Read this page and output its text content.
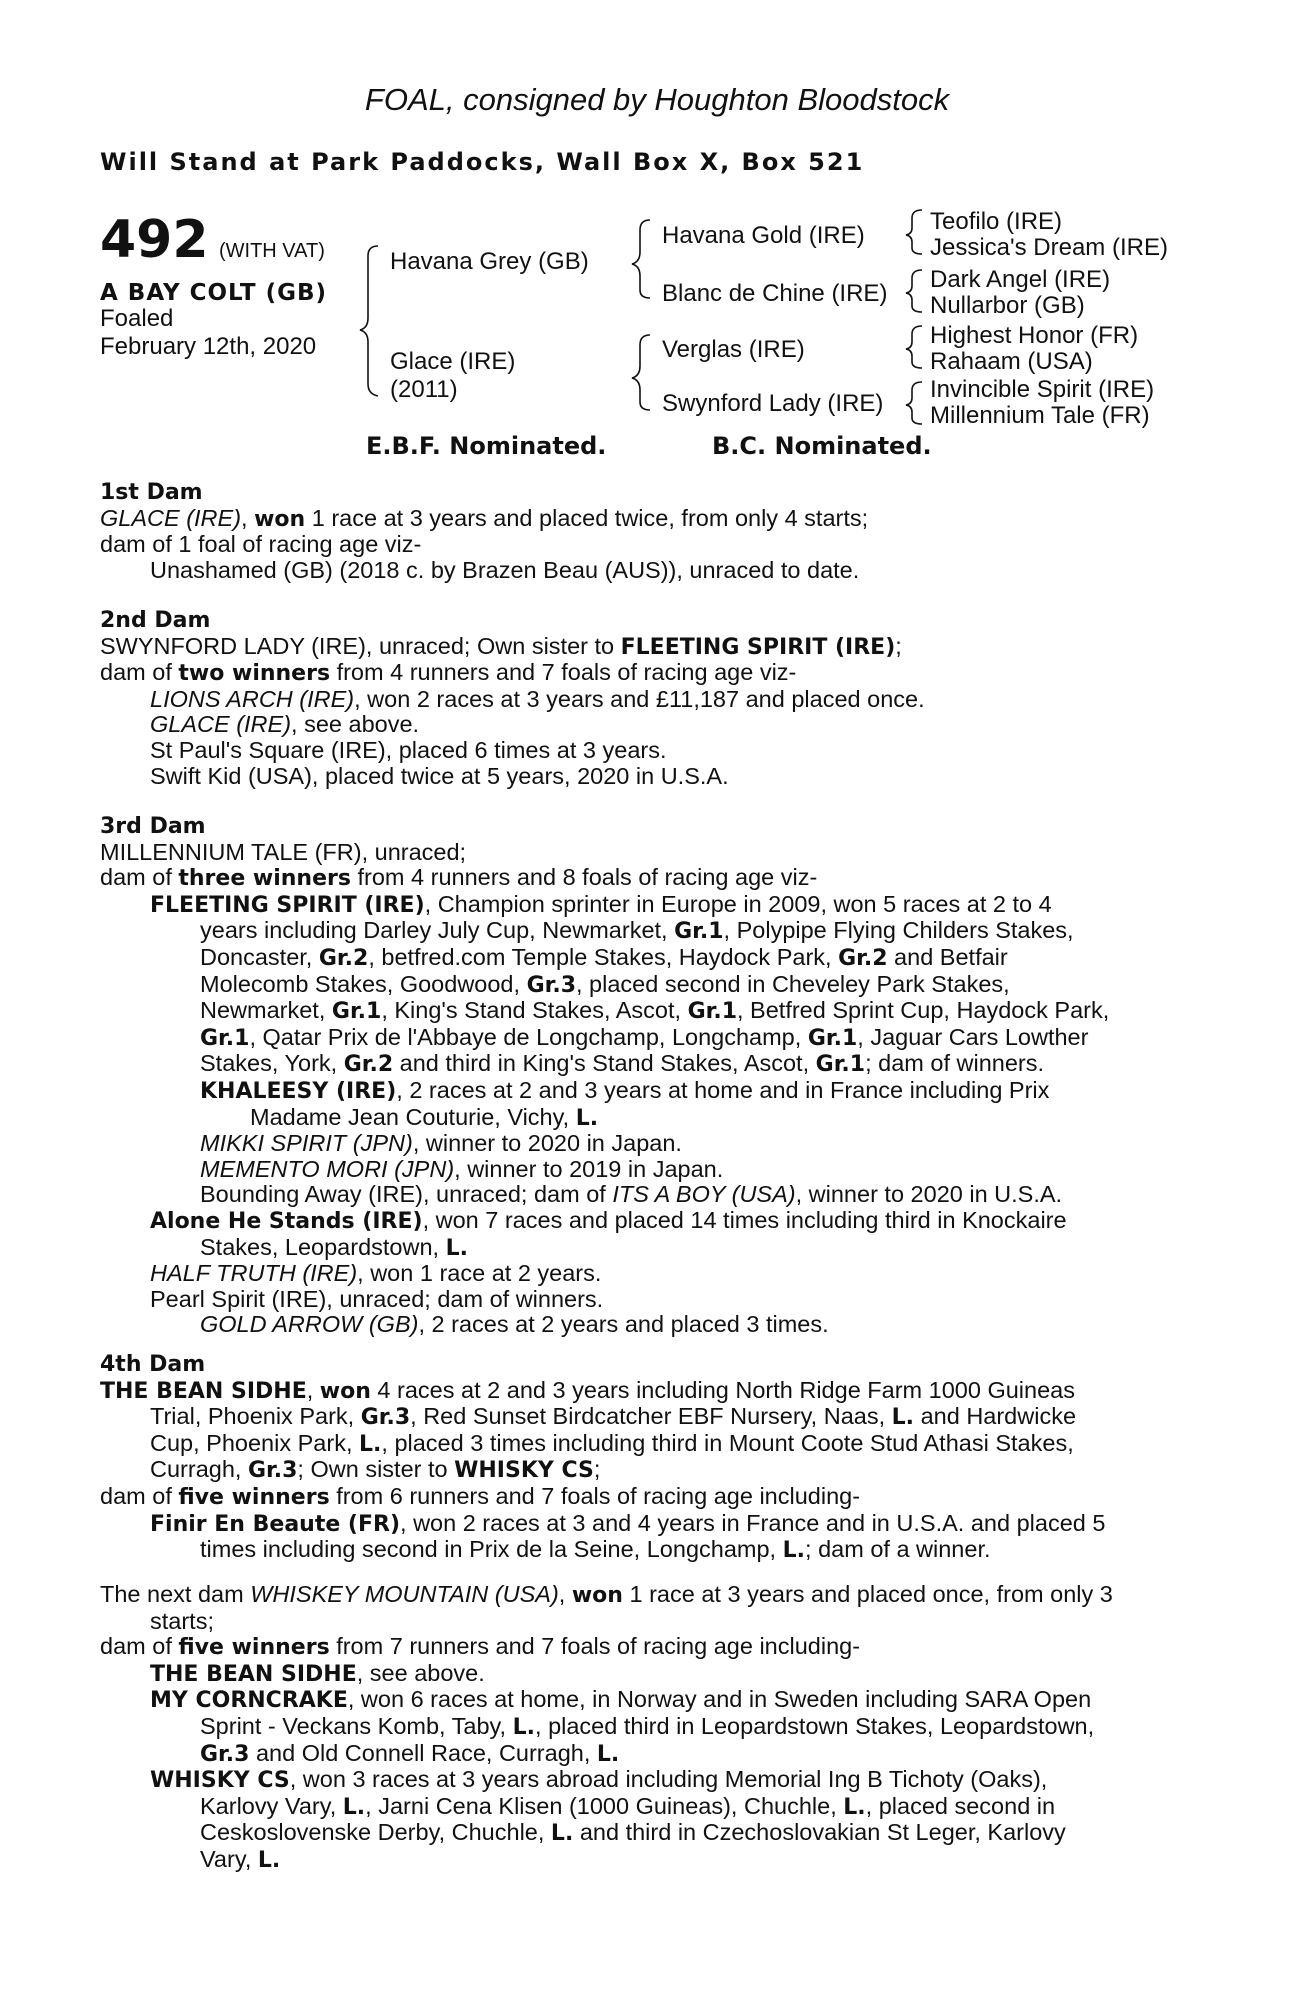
FOAL, consigned by Houghton Bloodstock
Will Stand at Park Paddocks, Wall Box X, Box 521
492 (WITH VAT)
A BAY COLT (GB)
Foaled
February 12th, 2020
Havana Grey (GB)
Glace (IRE)
(2011)
Havana Gold (IRE)
Blanc de Chine (IRE)
Verglas (IRE)
Swynford Lady (IRE)
Teofilo (IRE)
Jessica's Dream (IRE)
Dark Angel (IRE)
Nullarbor (GB)
Highest Honor (FR)
Rahaam (USA)
Invincible Spirit (IRE)
Millennium Tale (FR)
E.B.F. Nominated.	B.C. Nominated.
1st Dam
GLACE (IRE), won 1 race at 3 years and placed twice, from only 4 starts;
dam of 1 foal of racing age viz-
Unashamed (GB) (2018 c. by Brazen Beau (AUS)), unraced to date.
2nd Dam
SWYNFORD LADY (IRE), unraced; Own sister to FLEETING SPIRIT (IRE);
dam of two winners from 4 runners and 7 foals of racing age viz-
LIONS ARCH (IRE), won 2 races at 3 years and £11,187 and placed once.
GLACE (IRE), see above.
St Paul's Square (IRE), placed 6 times at 3 years.
Swift Kid (USA), placed twice at 5 years, 2020 in U.S.A.
3rd Dam
MILLENNIUM TALE (FR), unraced;
dam of three winners from 4 runners and 8 foals of racing age viz-
FLEETING SPIRIT (IRE), Champion sprinter in Europe in 2009, won 5 races at 2 to 4
years including Darley July Cup, Newmarket, Gr.1, Polypipe Flying Childers Stakes,
Doncaster, Gr.2, betfred.com Temple Stakes, Haydock Park, Gr.2 and Betfair
Molecomb Stakes, Goodwood, Gr.3, placed second in Cheveley Park Stakes,
Newmarket, Gr.1, King's Stand Stakes, Ascot, Gr.1, Betfred Sprint Cup, Haydock Park,
Gr.1, Qatar Prix de l'Abbaye de Longchamp, Longchamp, Gr.1, Jaguar Cars Lowther
Stakes, York, Gr.2 and third in King's Stand Stakes, Ascot, Gr.1; dam of winners.
KHALEESY (IRE), 2 races at 2 and 3 years at home and in France including Prix
Madame Jean Couturie, Vichy, L.
MIKKI SPIRIT (JPN), winner to 2020 in Japan.
MEMENTO MORI (JPN), winner to 2019 in Japan.
Bounding Away (IRE), unraced; dam of ITS A BOY (USA), winner to 2020 in U.S.A.
Alone He Stands (IRE), won 7 races and placed 14 times including third in Knockaire
Stakes, Leopardstown, L.
HALF TRUTH (IRE), won 1 race at 2 years.
Pearl Spirit (IRE), unraced; dam of winners.
GOLD ARROW (GB), 2 races at 2 years and placed 3 times.
4th Dam
THE BEAN SIDHE, won 4 races at 2 and 3 years including North Ridge Farm 1000 Guineas
Trial, Phoenix Park, Gr.3, Red Sunset Birdcatcher EBF Nursery, Naas, L. and Hardwicke
Cup, Phoenix Park, L., placed 3 times including third in Mount Coote Stud Athasi Stakes,
Curragh, Gr.3; Own sister to WHISKY CS;
dam of five winners from 6 runners and 7 foals of racing age including-
Finir En Beaute (FR), won 2 races at 3 and 4 years in France and in U.S.A. and placed 5
times including second in Prix de la Seine, Longchamp, L.; dam of a winner.
The next dam WHISKEY MOUNTAIN (USA), won 1 race at 3 years and placed once, from only 3
starts;
dam of five winners from 7 runners and 7 foals of racing age including-
THE BEAN SIDHE, see above.
MY CORNCRAKE, won 6 races at home, in Norway and in Sweden including SARA Open
Sprint - Veckans Komb, Taby, L., placed third in Leopardstown Stakes, Leopardstown,
Gr.3 and Old Connell Race, Curragh, L.
WHISKY CS, won 3 races at 3 years abroad including Memorial Ing B Tichoty (Oaks),
Karlovy Vary, L., Jarni Cena Klisen (1000 Guineas), Chuchle, L., placed second in
Ceskoslovenske Derby, Chuchle, L. and third in Czechoslovakian St Leger, Karlovy
Vary, L.
